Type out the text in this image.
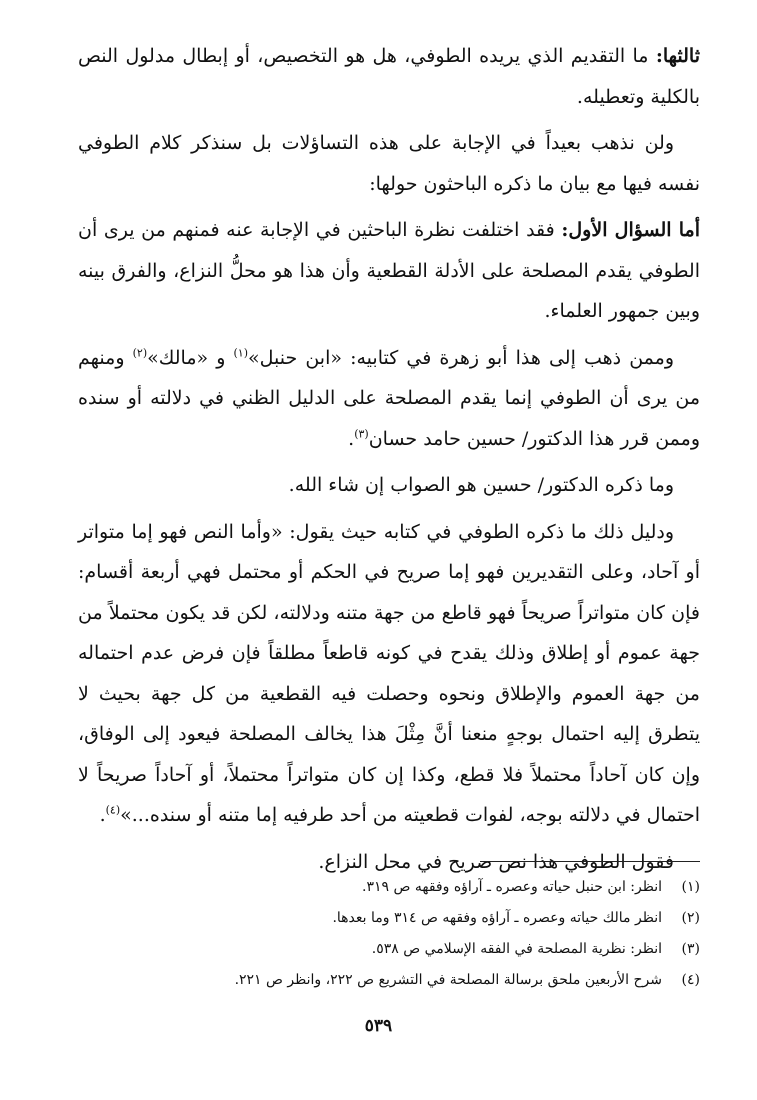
ثالثها: ما التقديم الذي يريده الطوفي، هل هو التخصيص، أو إبطال مدلول النص بالكلية وتعطيله.

ولن نذهب بعيداً في الإجابة على هذه التساؤلات بل سنذكر كلام الطوفي نفسه فيها مع بيان ما ذكره الباحثون حولها:

أما السؤال الأول: فقد اختلفت نظرة الباحثين في الإجابة عنه فمنهم من يرى أن الطوفي يقدم المصلحة على الأدلة القطعية وأن هذا هو محلُّ النزاع، والفرق بينه وبين جمهور العلماء.

وممن ذهب إلى هذا أبو زهرة في كتابيه: «ابن حنبل»$^{(١)}$ و «مالك»$^{(٢)}$ ومنهم من يرى أن الطوفي إنما يقدم المصلحة على الدليل الظني في دلالته أو سنده وممن قرر هذا الدكتور/ حسين حامد حسان$^{(٣)}$.

وما ذكره الدكتور/ حسين هو الصواب إن شاء الله.

ودليل ذلك ما ذكره الطوفي في كتابه حيث يقول: «وأما النص فهو إما متواتر أو آحاد، وعلى التقديرين فهو إما صريح في الحكم أو محتمل فهي أربعة أقسام: فإن كان متواتراً صريحاً فهو قاطع من جهة متنه ودلالته، لكن قد يكون محتملاً من جهة عموم أو إطلاق وذلك يقدح في كونه قاطعاً مطلقاً فإن فرض عدم احتماله من جهة العموم والإطلاق ونحوه وحصلت فيه القطعية من كل جهة بحيث لا يتطرق إليه احتمال بوجهٍ منعنا أنَّ مِثْلَ هذا يخالف المصلحة فيعود إلى الوفاق، وإن كان آحاداً محتملاً فلا قطع، وكذا إن كان متواتراً محتملاً، أو آحاداً صريحاً لا احتمال في دلالته بوجه، لفوات قطعيته من أحد طرفيه إما متنه أو سنده...»$^{(٤)}$.

فقول الطوفي هذا نص صريح في محل النزاع.

(١)
انظر: ابن حنبل حياته وعصره ـ آراؤه وفقهه ص ٣١٩.
(٢)
انظر مالك حياته وعصره ـ آراؤه وفقهه ص ٣١٤ وما بعدها.
(٣)
انظر: نظرية المصلحة في الفقه الإسلامي ص ٥٣٨.
(٤)
شرح الأربعين ملحق برسالة المصلحة في التشريع ص ٢٢٢، وانظر ص ٢٢١.
٥٣٩
